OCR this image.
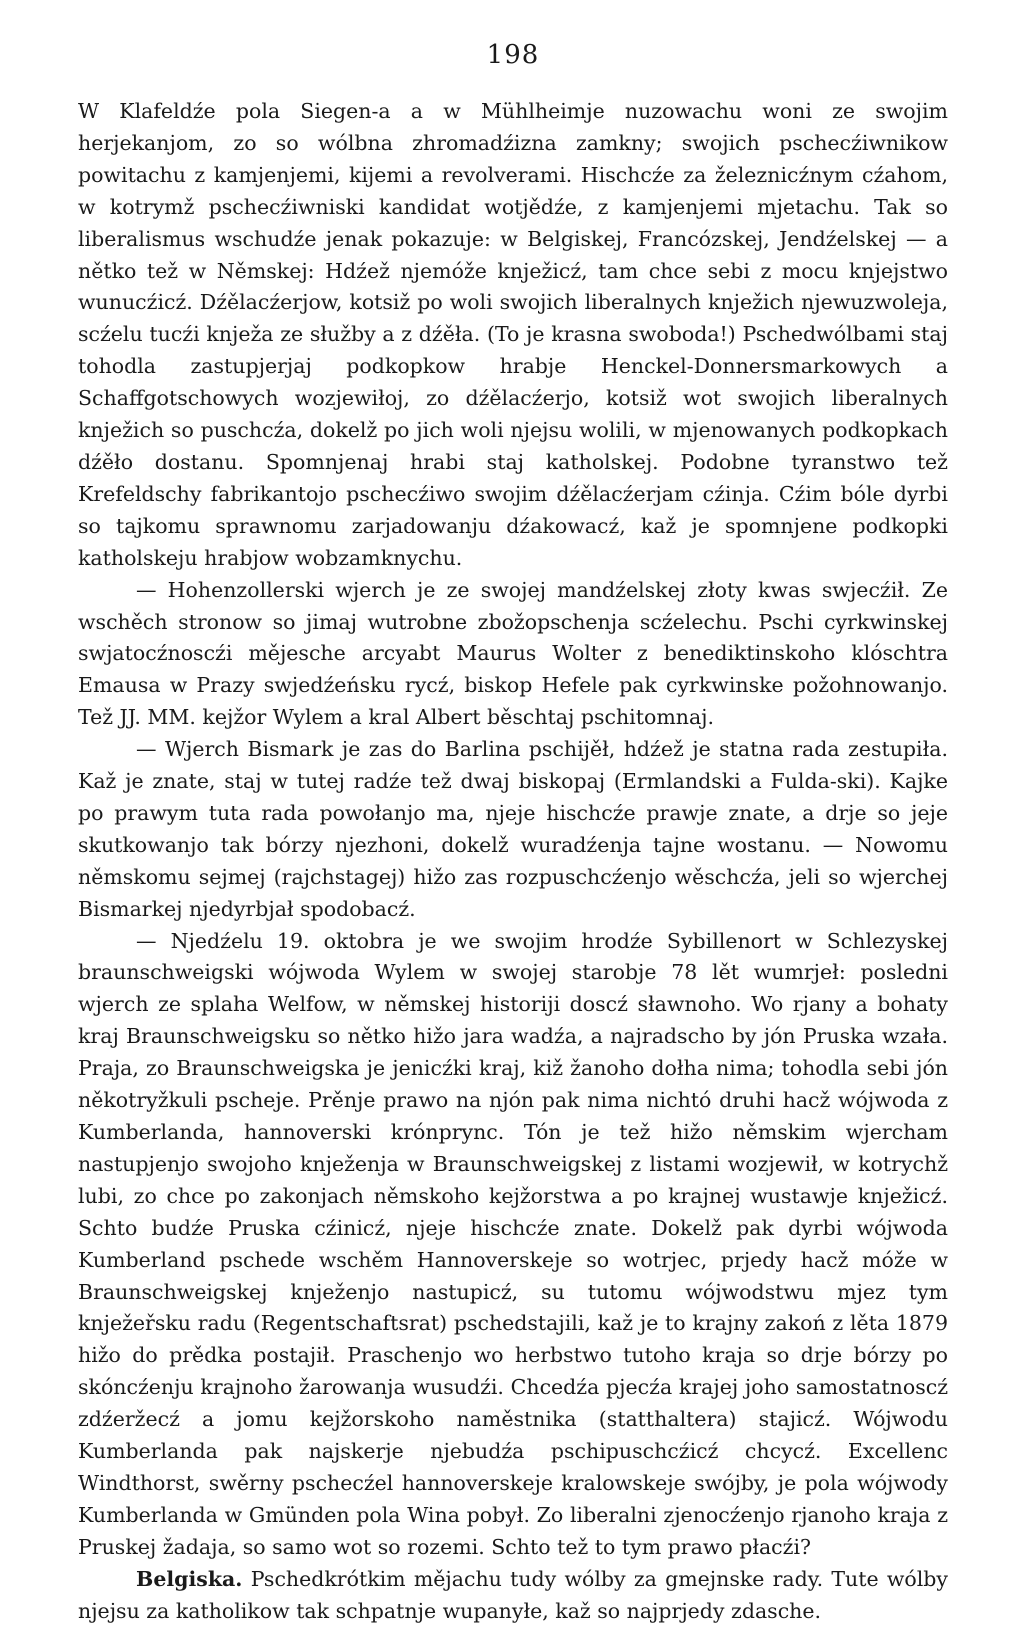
198

W Klafeldźe pola Siegen-a a w Mühlheimje nuzowachu woni ze swojim herjekanjom, zo so wólbna zhromadźizna zamkny; swojich pschecźiwnikow powitachu z kamjenjemi, kijemi a revolverami. Hischcźe za železnicźnym cźahom, w kotrymž pschecźiwniski kandidat wotjědźe, z kamjenjemi mjetachu. Tak so liberalismus wschudźe jenak pokazuje: w Belgiskej, Francózskej, Jendźelskej — a nětko tež w Němskej: Hdźež njemóže knježicź, tam chce sebi z mocu knjejstwo wunucźicź. Dźělacźerjow, kotsiž po woli swojich liberalnych knježich njewuzwoleja, scźelu tucźi knježa ze słužby a z dźěła. (To je krasna swoboda!) Pschedwólbami staj tohodla zastupjerjaj podkopkow hrabje Henckel-Donnersmarkowych a Schaffgotschowych wozjewiłoj, zo dźělacźerjo, kotsiž wot swojich liberalnych knježich so puschcźa, dokelž po jich woli njejsu wolili, w mjenowanych podkopkach dźěło dostanu. Spomnjenaj hrabi staj katholskej. Podobne tyranstwo tež Krefeldschy fabrikantojo pschecźiwo swojim dźělacźerjam cźinja. Cźim bóle dyrbi so tajkomu sprawnomu zarjadowanju dźakowacź, kaž je spomnjene podkopki katholskeju hrabjow wobzamknychu.

— Hohenzollerski wjerch je ze swojej mandźelskej złoty kwas swjecźił. Ze wschěch stronow so jimaj wutrobne zbožopschenja scźelechu. Pschi cyrkwinskej swjatocźnoscźi mějesche arcyabt Maurus Wolter z benediktinskoho klóschtra Emausa w Prazy swjedźeńsku rycź, biskop Hefele pak cyrkwinske požohnowanjo. Tež JJ. MM. kejžor Wylem a kral Albert běschtaj pschitomnaj.

— Wjerch Bismark je zas do Barlina pschijěł, hdźež je statna rada zestupiła. Kaž je znate, staj w tutej radźe tež dwaj biskopaj (Ermlandski a Fulda-ski). Kajke po prawym tuta rada powołanjo ma, njeje hischcźe prawje znate, a drje so jeje skutkowanjo tak bórzy njezhoni, dokelž wuradźenja tajne wostanu. — Nowomu němskomu sejmej (rajchstagej) hižo zas rozpuschcźenjo wěschcźa, jeli so wjerchej Bismarkej njedyrbjał spodobacź.

— Njedźelu 19. oktobra je we swojim hrodźe Sybillenort w Schlezyskej braunschweigski wójwoda Wylem w swojej starobje 78 lět wumrjeł: posledni wjerch ze splaha Welfow, w němskej historiji doscź sławnoho. Wo rjany a bohaty kraj Braunschweigsku so nětko hižo jara wadźa, a najradscho by jón Pruska wzała. Praja, zo Braunschweigska je jenicźki kraj, kiž žanoho dołha nima; tohodla sebi jón někotryžkuli pscheje. Prěnje prawo na njón pak nima nichtó druhi hacž wójwoda z Kumberlanda, hannoverski krónprync. Tón je tež hižo němskim wjercham nastupjenjo swojoho knježenja w Braunschweigskej z listami wozjewił, w kotrychž lubi, zo chce po zakonjach němskoho kejžorstwa a po krajnej wustawje knježicź. Schto budźe Pruska cźinicź, njeje hischcźe znate. Dokelž pak dyrbi wójwoda Kumberland pschede wschěm Hannoverskeje so wotrjec, prjedy hacž móže w Braunschweigskej knježenjo nastupicź, su tutomu wójwodstwu mjez tym knježeřsku radu (Regentschaftsrat) pschedstajili, kaž je to krajny zakoń z lěta 1879 hižo do prědka postajił. Praschenjo wo herbstwo tutoho kraja so drje bórzy po skóncźenju krajnoho žarowanja wusudźi. Chcedźa pjecźa krajej joho samostatnoscź zdźeržecź a jomu kejžorskoho naměstnika (statthaltera) stajicź. Wójwodu Kumberlanda pak najskerje njebudźa pschipuschcźicź chcycź. Excellenc Windthorst, swěrny pschecźel hannoverskeje kralowskeje swójby, je pola wójwody Kumberlanda w Gmünden pola Wina pobył. Zo liberalni zjenocźenjo rjanoho kraja z Pruskej žadaja, so samo wot so rozemi. Schto tež to tym prawo płacźi?

Belgiska. Pschedkrótkim mějachu tudy wólby za gmejnske rady. Tute wólby njejsu za katholikow tak schpatnje wupanyłe, kaž so najprjedy zdasche.
